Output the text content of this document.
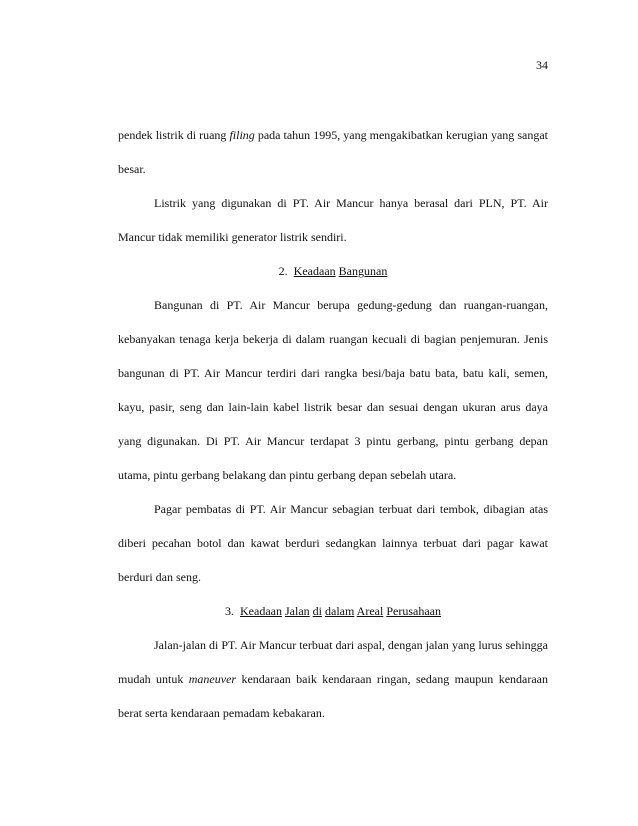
34

pendek listrik di ruang filing pada tahun 1995, yang mengakibatkan kerugian yang sangat besar.

Listrik yang digunakan di PT. Air Mancur hanya berasal dari PLN, PT. Air Mancur tidak memiliki generator listrik sendiri.

2. Keadaan Bangunan

Bangunan di PT. Air Mancur berupa gedung-gedung dan ruangan-ruangan, kebanyakan tenaga kerja bekerja di dalam ruangan kecuali di bagian penjemuran. Jenis bangunan di PT. Air Mancur terdiri dari rangka besi/baja batu bata, batu kali, semen, kayu, pasir, seng dan lain-lain kabel listrik besar dan sesuai dengan ukuran arus daya yang digunakan. Di PT. Air Mancur terdapat 3 pintu gerbang, pintu gerbang depan utama, pintu gerbang belakang dan pintu gerbang depan sebelah utara.

Pagar pembatas di PT. Air Mancur sebagian terbuat dari tembok, dibagian atas diberi pecahan botol dan kawat berduri sedangkan lainnya terbuat dari pagar kawat berduri dan seng.

3. Keadaan Jalan di dalam Areal Perusahaan

Jalan-jalan di PT. Air Mancur terbuat dari aspal, dengan jalan yang lurus sehingga mudah untuk maneuver kendaraan baik kendaraan ringan, sedang maupun kendaraan berat serta kendaraan pemadam kebakaran.
